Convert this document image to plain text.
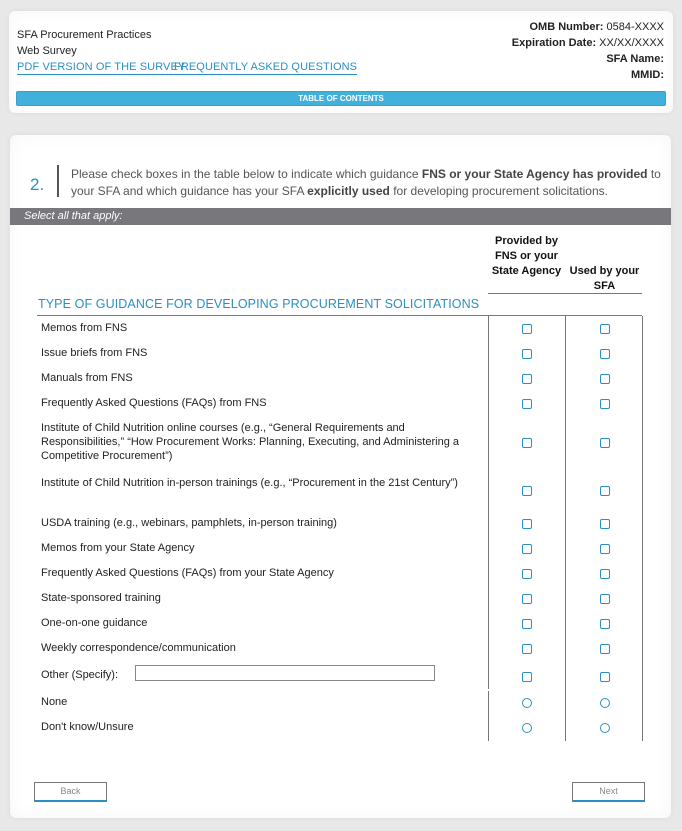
SFA Procurement Practices
Web Survey
PDF VERSION OF THE SURVEY
FREQUENTLY ASKED QUESTIONS
OMB Number: 0584-XXXX
Expiration Date: XX/XX/XXXX
SFA Name:
MMID:
TABLE OF CONTENTS
2.
Please check boxes in the table below to indicate which guidance FNS or your State Agency has provided to your SFA and which guidance has your SFA explicitly used for developing procurement solicitations.
Select all that apply:
Provided by FNS or your State Agency Used by your SFA
TYPE OF GUIDANCE FOR DEVELOPING PROCUREMENT SOLICITATIONS
Memos from FNS
Issue briefs from FNS
Manuals from FNS
Frequently Asked Questions (FAQs) from FNS
Institute of Child Nutrition online courses (e.g., “General Requirements and Responsibilities,” “How Procurement Works: Planning, Executing, and Administering a Competitive Procurement”)
Institute of Child Nutrition in-person trainings (e.g., “Procurement in the 21st Century”)
USDA training (e.g., webinars, pamphlets, in-person training)
Memos from your State Agency
Frequently Asked Questions (FAQs) from your State Agency
State-sponsored training
One-on-one guidance
Weekly correspondence/communication
Other (Specify):
None
Don't know/Unsure
Back	Next
